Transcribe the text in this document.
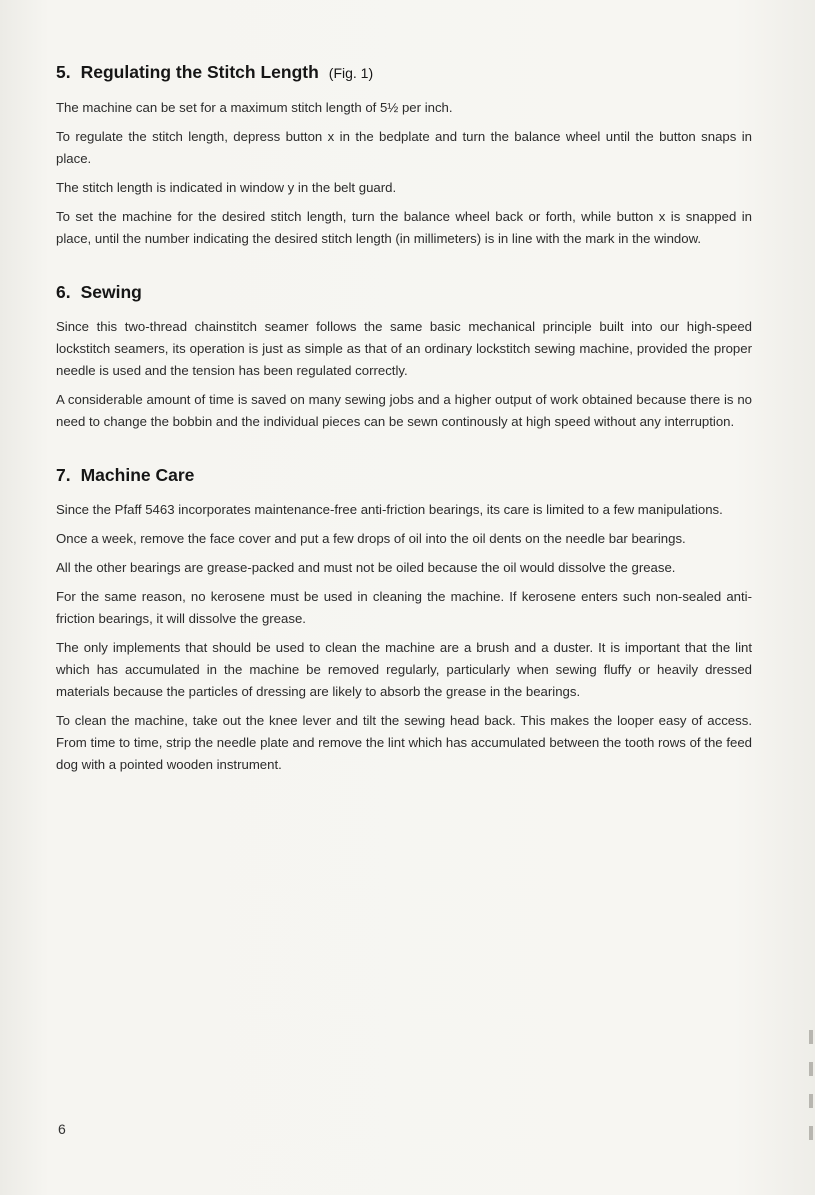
5. Regulating the Stitch Length (Fig. 1)

The machine can be set for a maximum stitch length of 5½ per inch.

To regulate the stitch length, depress button x in the bedplate and turn the balance wheel until the button snaps in place.

The stitch length is indicated in window y in the belt guard.

To set the machine for the desired stitch length, turn the balance wheel back or forth, while button x is snapped in place, until the number indicating the desired stitch length (in millimeters) is in line with the mark in the window.

6. Sewing

Since this two-thread chainstitch seamer follows the same basic mechanical principle built into our high-speed lockstitch seamers, its operation is just as simple as that of an ordinary lockstitch sewing machine, provided the proper needle is used and the tension has been regulated correctly.

A considerable amount of time is saved on many sewing jobs and a higher output of work obtained because there is no need to change the bobbin and the individual pieces can be sewn continously at high speed without any interruption.

7. Machine Care

Since the Pfaff 5463 incorporates maintenance-free anti-friction bearings, its care is limited to a few manipulations.

Once a week, remove the face cover and put a few drops of oil into the oil dents on the needle bar bearings.

All the other bearings are grease-packed and must not be oiled because the oil would dissolve the grease.

For the same reason, no kerosene must be used in cleaning the machine. If kerosene enters such non-sealed anti-friction bearings, it will dissolve the grease.

The only implements that should be used to clean the machine are a brush and a duster. It is important that the lint which has accumulated in the machine be removed regularly, particularly when sewing fluffy or heavily dressed materials because the particles of dressing are likely to absorb the grease in the bearings.

To clean the machine, take out the knee lever and tilt the sewing head back. This makes the looper easy of access. From time to time, strip the needle plate and remove the lint which has accumulated between the tooth rows of the feed dog with a pointed wooden instrument.

6
